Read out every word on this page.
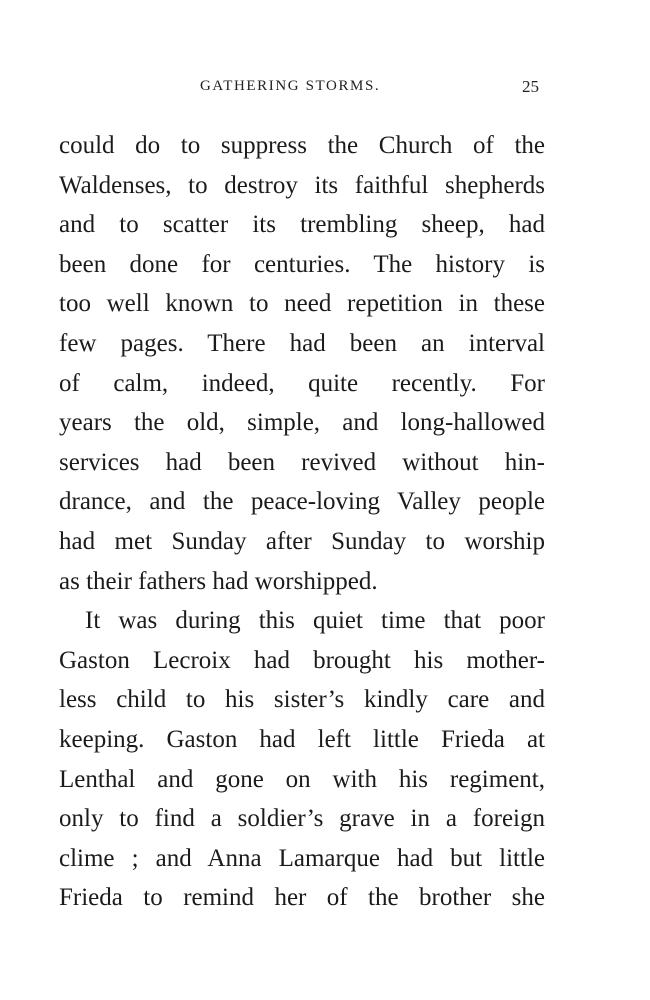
GATHERING STORMS.	25
could do to suppress the Church of the
Waldenses, to destroy its faithful shepherds
and to scatter its trembling sheep, had
been done for centuries. The history is
too well known to need repetition in these
few pages. There had been an interval
of calm, indeed, quite recently. For
years the old, simple, and long-hallowed
services had been revived without hin-
drance, and the peace-loving Valley people
had met Sunday after Sunday to worship
as their fathers had worshipped.
It was during this quiet time that poor
Gaston Lecroix had brought his mother-
less child to his sister’s kindly care and
keeping. Gaston had left little Frieda at
Lenthal and gone on with his regiment,
only to find a soldier’s grave in a foreign
clime ; and Anna Lamarque had but little
Frieda to remind her of the brother she
